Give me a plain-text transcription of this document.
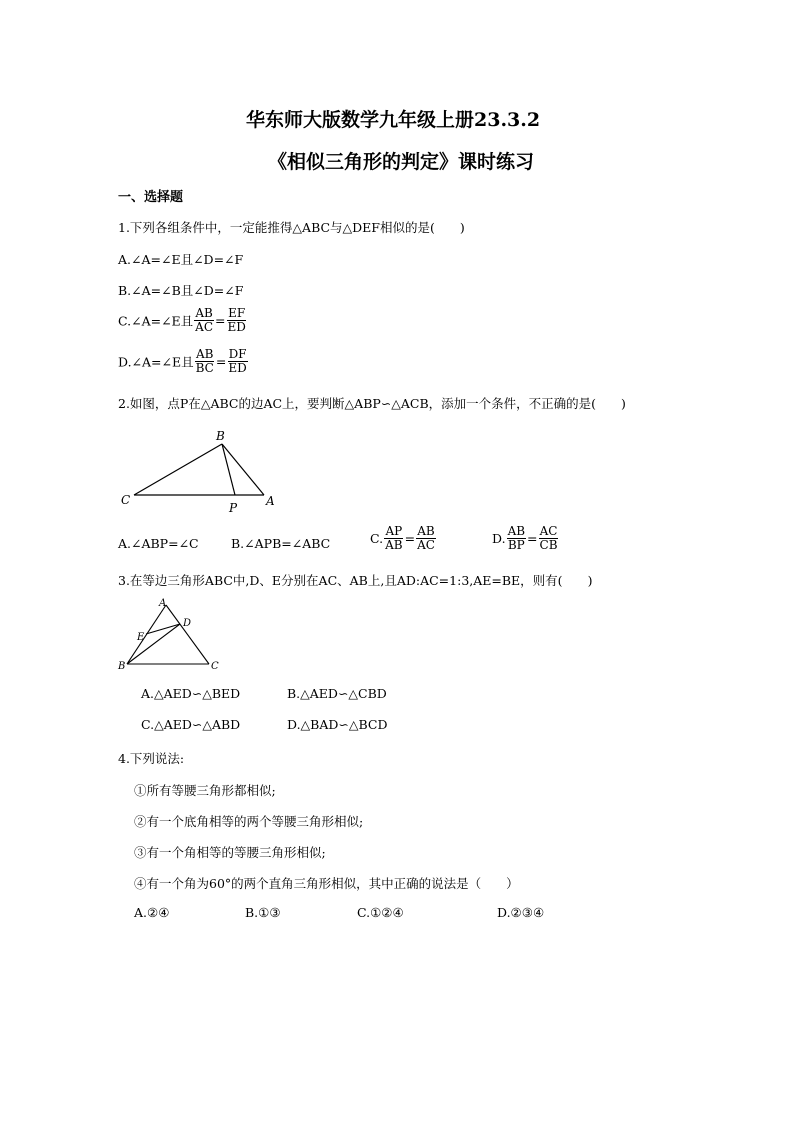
华东师大版数学九年级上册23.3.2
《相似三角形的判定》课时练习
一、选择题
1.下列各组条件中，一定能推得△ABC与△DEF相似的是(　　)
A.∠A=∠E且∠D=∠F
B.∠A=∠B且∠D=∠F
C.∠A=∠E且 $\frac{AB}{AC} = \frac{EF}{ED}$
D.∠A=∠E且 $\frac{AB}{BC} = \frac{DF}{ED}$
2.如图，点P在△ABC的边AC上，要判断△ABP∽△ACB，添加一个条件，不正确的是(　　)
B
C
P A
A.∠ABP=∠C	B.∠APB=∠ABC	C. $\frac{AP}{AB} = \frac{AB}{AC}$	D. $\frac{AB}{BP} = \frac{AC}{CB}$
3.在等边三角形ABC中,D、E分别在AC、AB上,且AD:AC=1:3,AE=BE，则有(　　)
A
D
E
B	C
A.△AED∽△BED	B.△AED∽△CBD
C.△AED∽△ABD	D.△BAD∽△BCD
4.下列说法:
①所有等腰三角形都相似;
②有一个底角相等的两个等腰三角形相似;
③有一个角相等的等腰三角形相似;
④有一个角为60°的两个直角三角形相似，其中正确的说法是（　　）
A.②④	B.①③	C.①②④	D.②③④
